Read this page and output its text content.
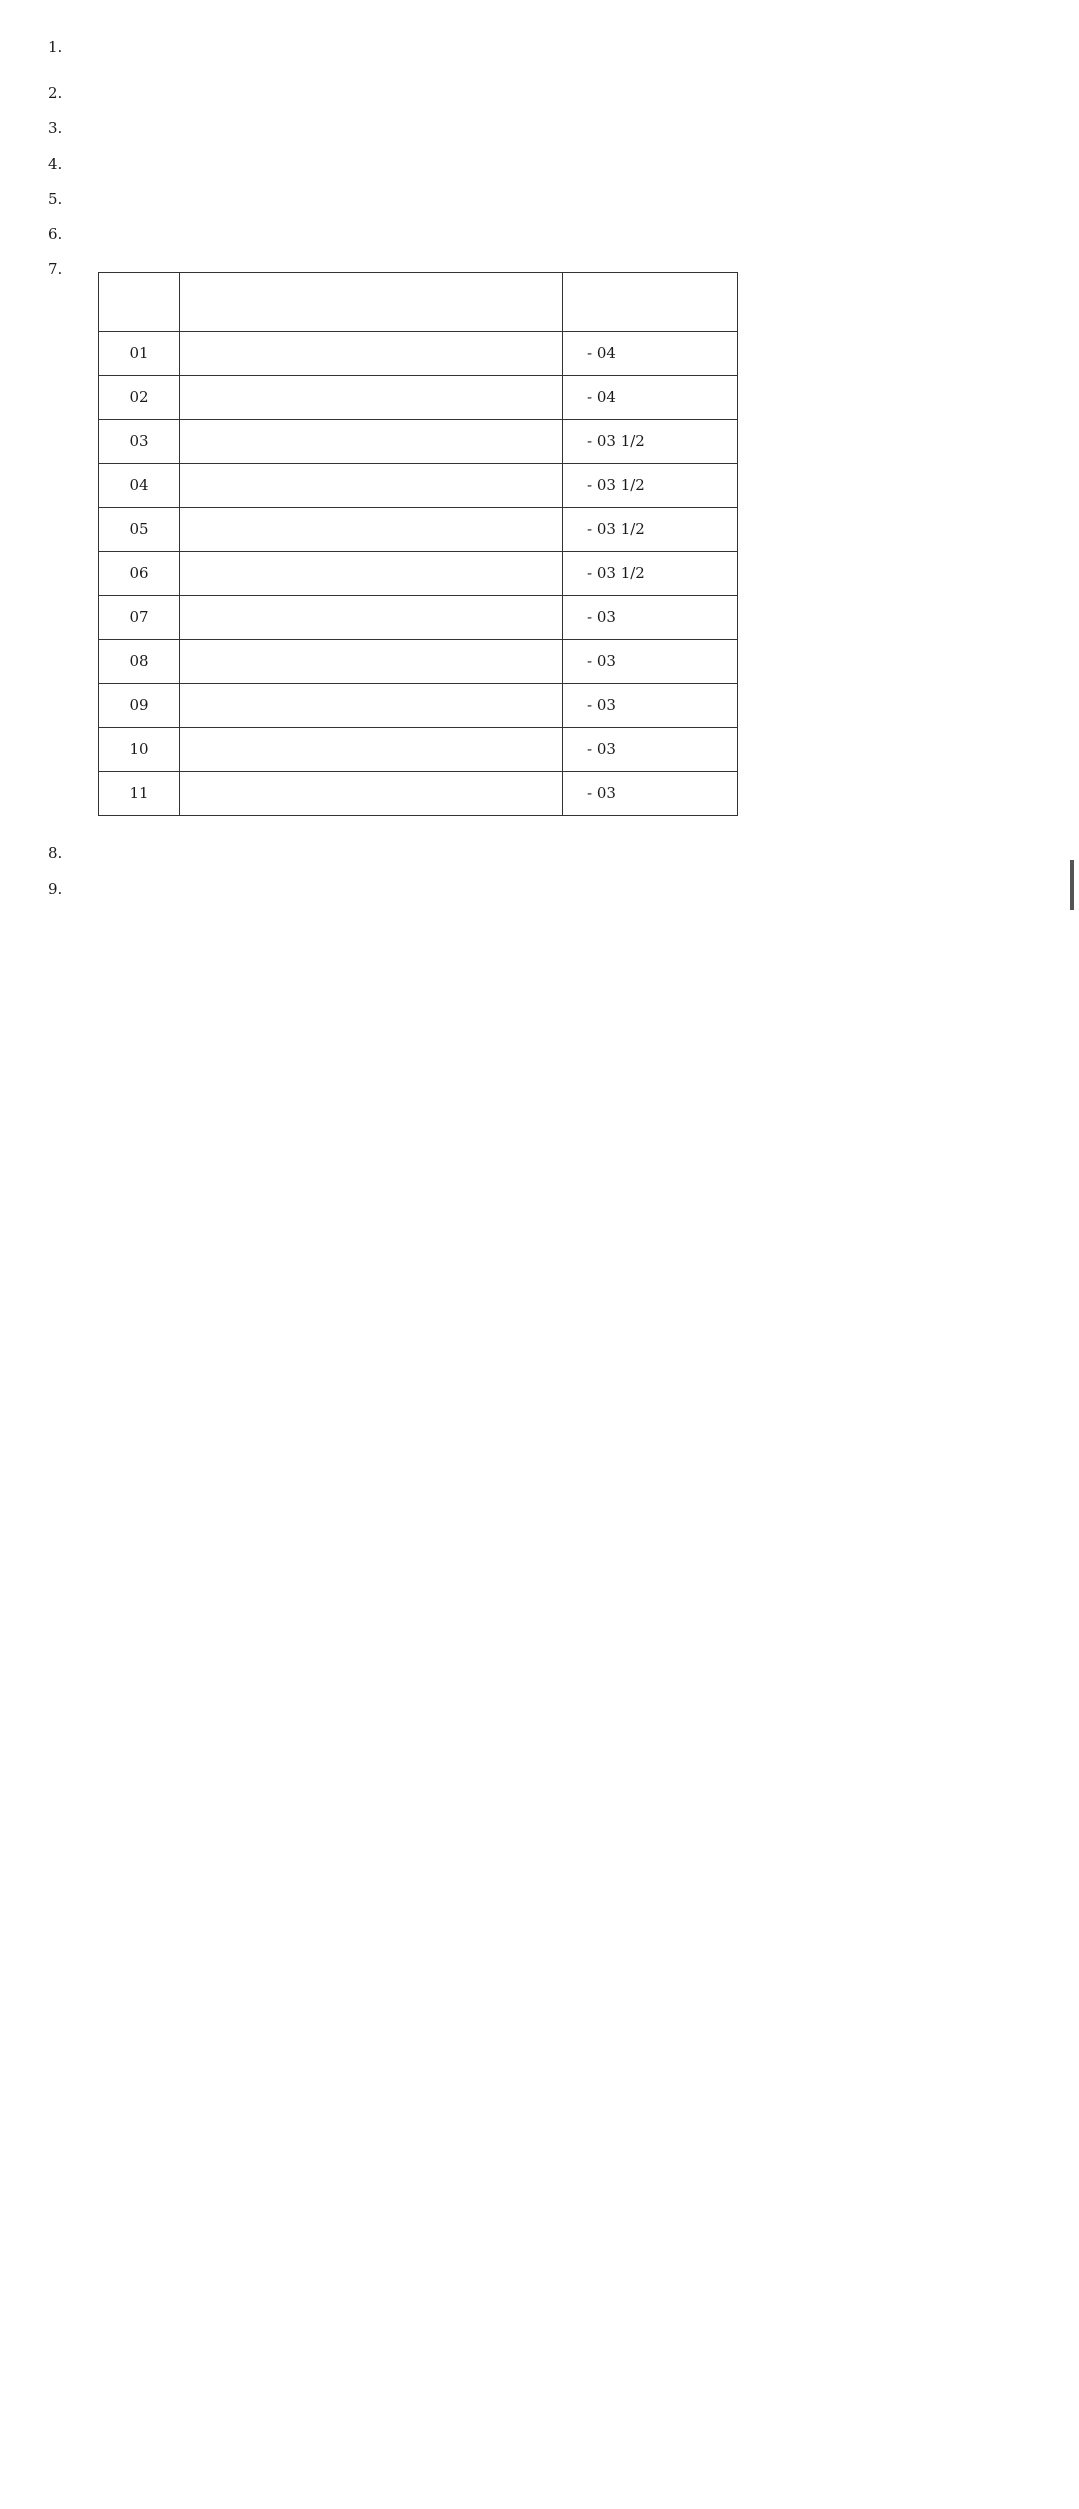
1.
2.
3.
4.
5.
6.
7.

01		- 04
02		- 04
03		- 03 1/2
04		- 03 1/2
05		- 03 1/2
06		- 03 1/2
07		- 03
08		- 03
09		- 03
10		- 03
11		- 03
8.
9.
